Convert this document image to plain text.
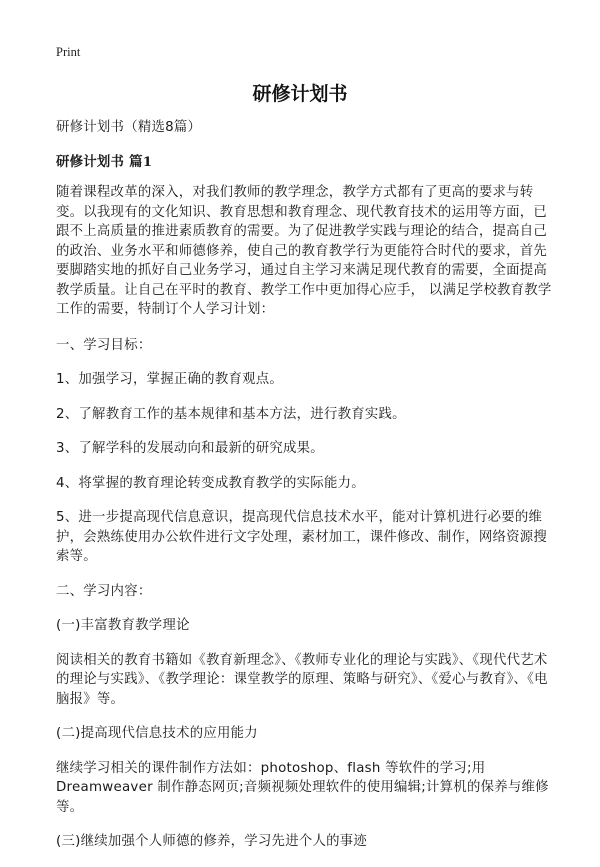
Print
研修计划书

研修计划书（精选8篇）

研修计划书 篇1

随着课程改革的深入，对我们教师的教学理念，教学方式都有了更高的要求与转变。以我现有的文化知识、教育思想和教育理念、现代教育技术的运用等方面，已跟不上高质量的推进素质教育的需要。为了促进教学实践与理论的结合，提高自己的政治、业务水平和师德修养，使自己的教育教学行为更能符合时代的要求，首先要脚踏实地的抓好自己业务学习，通过自主学习来满足现代教育的需要，全面提高教学质量。让自己在平时的教育、教学工作中更加得心应手， 以满足学校教育教学工作的需要，特制订个人学习计划：

一、学习目标：

1、加强学习，掌握正确的教育观点。

2、了解教育工作的基本规律和基本方法，进行教育实践。

3、了解学科的发展动向和最新的研究成果。

4、将掌握的教育理论转变成教育教学的实际能力。

5、进一步提高现代信息意识，提高现代信息技术水平，能对计算机进行必要的维护，会熟练使用办公软件进行文字处理，素材加工，课件修改、制作，网络资源搜索等。

二、学习内容：

(一)丰富教育教学理论

阅读相关的教育书籍如《教育新理念》、《教师专业化的理论与实践》、《现代代艺术的理论与实践》、《教学理论：课堂教学的原理、策略与研究》、《爱心与教育》、《电脑报》等。

(二)提高现代信息技术的应用能力

继续学习相关的课件制作方法如：photoshop、flash 等软件的学习;用Dreamweaver 制作静态网页;音频视频处理软件的使用编辑;计算机的保养与维修等。

(三)继续加强个人师德的修养，学习先进个人的事迹
